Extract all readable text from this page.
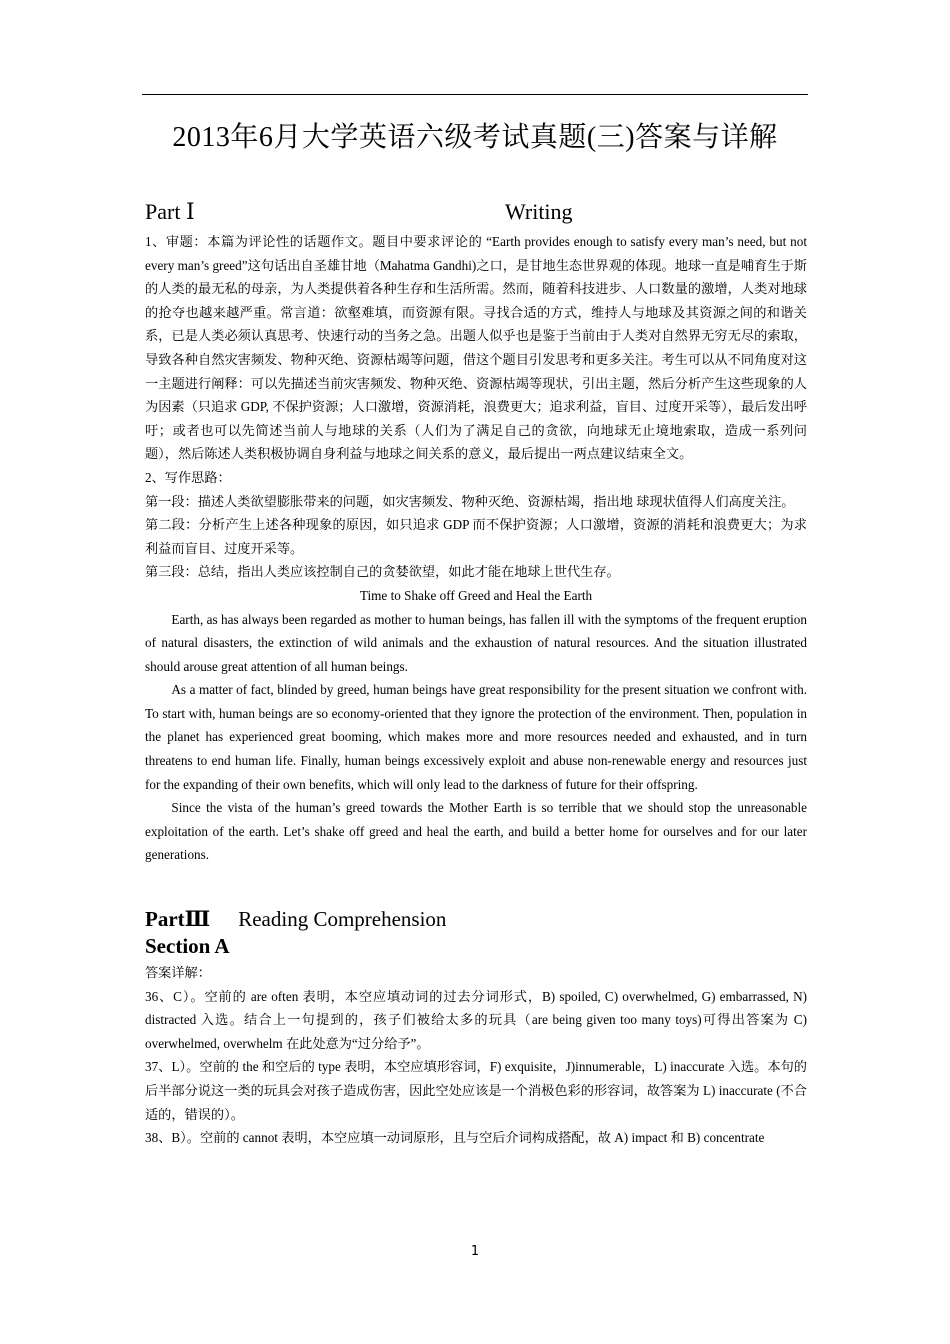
2013年6月大学英语六级考试真题(三)答案与详解
Part Ⅰ	Writing

1、审题：本篇为评论性的话题作文。题目中要求评论的 “Earth provides enough to satisfy every man’s need, but not every man’s greed”这句话出自圣雄甘地（Mahatma Gandhi)之口，是甘地生态世界观的体现。地球一直是哺育生于斯的人类的最无私的母亲，为人类提供着各种生存和生活所需。然而，随着科技进步、人口数量的激增，人类对地球的抢夺也越来越严重。常言道：欲壑难填，而资源有限。寻找合适的方式，维持人与地球及其资源之间的和谐关系，已是人类必须认真思考、快速行动的当务之急。出题人似乎也是鉴于当前由于人类对自然界无穷无尽的索取，导致各种自然灾害频发、物种灭绝、资源枯竭等问题，借这个题目引发思考和更多关注。考生可以从不同角度对这一主题进行阐释：可以先描述当前灾害频发、物种灭绝、资源枯竭等现状，引出主题，然后分析产生这些现象的人为因素（只追求 GDP, 不保护资源；人口激增，资源消耗，浪费更大；追求利益，盲目、过度开采等），最后发出呼吁；或者也可以先简述当前人与地球的关系（人们为了满足自己的贪欲，向地球无止境地索取，造成一系列问题），然后陈述人类积极协调自身利益与地球之间关系的意义，最后提出一两点建议结束全文。

2、写作思路：

第一段：描述人类欲望膨胀带来的问题，如灾害频发、物种灭绝、资源枯竭，指出地 球现状值得人们高度关注。

第二段：分析产生上述各种现象的原因，如只追求 GDP 而不保护资源；人口激增，资源的消耗和浪费更大；为求利益而盲目、过度开采等。

第三段：总结，指出人类应该控制自己的贪婪欲望，如此才能在地球上世代生存。

Time to Shake off Greed and Heal the Earth

Earth, as has always been regarded as mother to human beings, has fallen ill with the symptoms of the frequent eruption of natural disasters, the extinction of wild animals and the exhaustion of natural resources. And the situation illustrated should arouse great attention of all human beings.

As a matter of fact, blinded by greed, human beings have great responsibility for the present situation we confront with. To start with, human beings are so economy-oriented that they ignore the protection of the environment. Then, population in the planet has experienced great booming, which makes more and more resources needed and exhausted, and in turn threatens to end human life. Finally, human beings excessively exploit and abuse non-renewable energy and resources just for the expanding of their own benefits, which will only lead to the darkness of future for their offspring.

Since the vista of the human’s greed towards the Mother Earth is so terrible that we should stop the unreasonable exploitation of the earth. Let’s shake off greed and heal the earth, and build a better home for ourselves and for our later generations.

PartⅢ Reading Comprehension
Section A

答案详解：

36、C）。空前的 are often 表明，本空应填动词的过去分词形式，B) spoiled, C) overwhelmed, G) embarrassed, N) distracted 入选。结合上一句提到的，孩子们被给太多的玩具（are being given too many toys)可得出答案为 C) overwhelmed, overwhelm 在此处意为“过分给予”。

37、L）。空前的 the 和空后的 type 表明，本空应填形容词，F) exquisite，J)innumerable，L) inaccurate 入选。本句的后半部分说这一类的玩具会对孩子造成伤害，因此空处应该是一个消极色彩的形容词，故答案为 L) inaccurate (不合适的，错误的）。

38、B）。空前的 cannot 表明，本空应填一动词原形，且与空后介词构成搭配，故 A) impact 和 B) concentrate

1
